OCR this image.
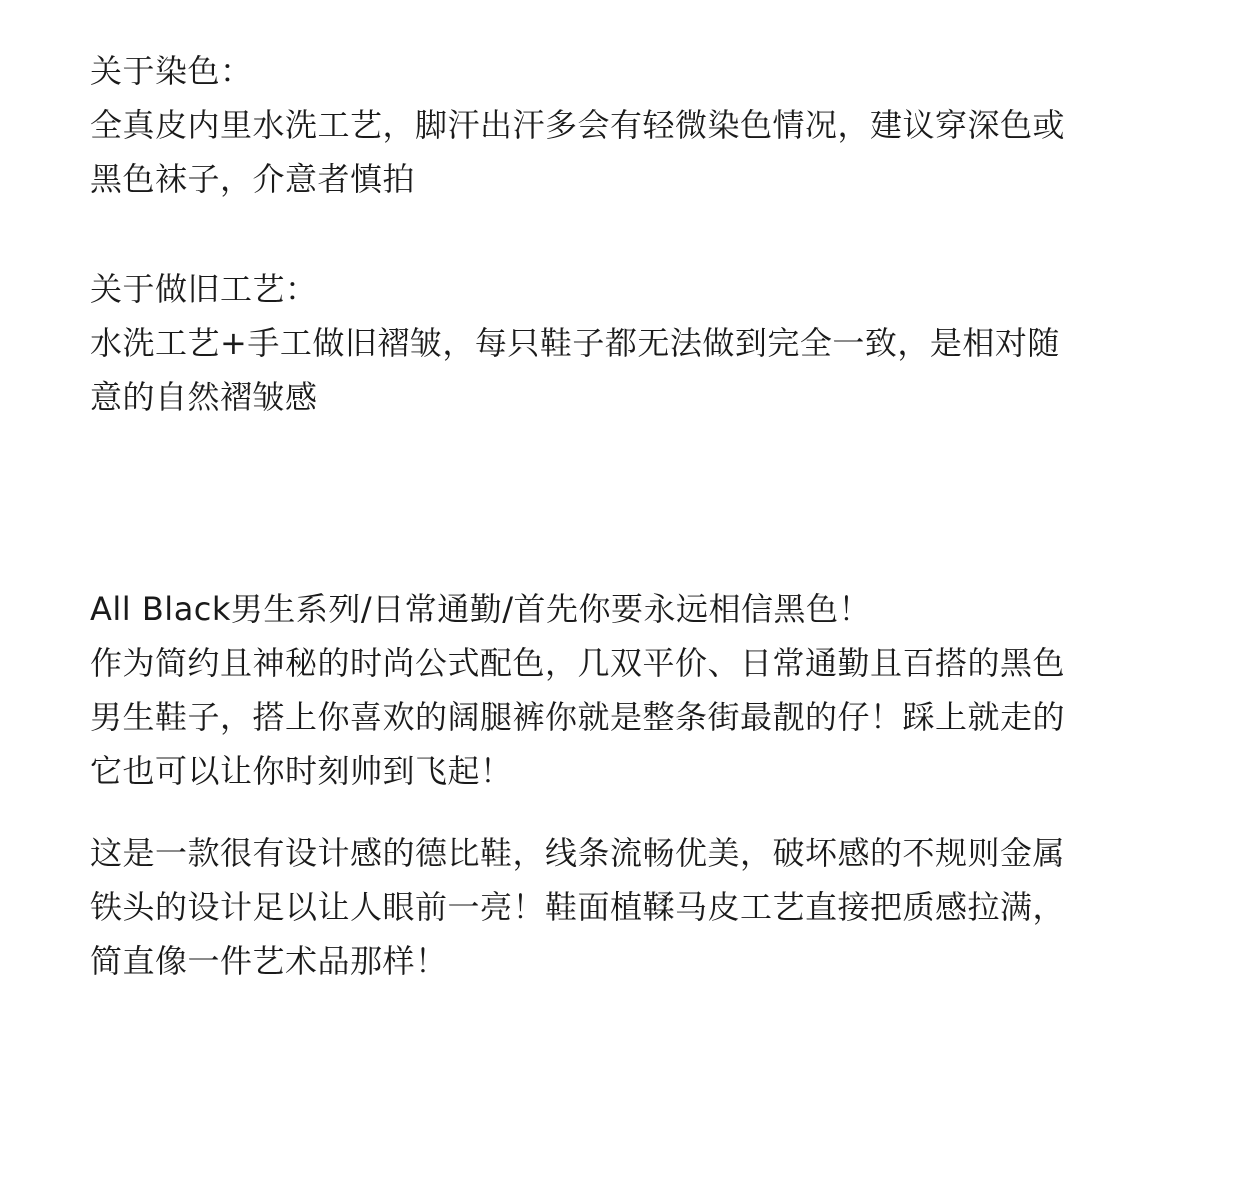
关于染色：
全真皮内里水洗工艺，脚汗出汗多会有轻微染色情况，建议穿深色或
黑色袜子，介意者慎拍
关于做旧工艺：
水洗工艺+手工做旧褶皱，每只鞋子都无法做到完全一致，是相对随
意的自然褶皱感
All Black男生系列/日常通勤/首先你要永远相信黑色！
作为简约且神秘的时尚公式配色，几双平价、日常通勤且百搭的黑色
男生鞋子，搭上你喜欢的阔腿裤你就是整条街最靓的仔！踩上就走的
它也可以让你时刻帅到飞起！
这是一款很有设计感的德比鞋，线条流畅优美，破坏感的不规则金属
铁头的设计足以让人眼前一亮！鞋面植鞣马皮工艺直接把质感拉满，
简直像一件艺术品那样！
